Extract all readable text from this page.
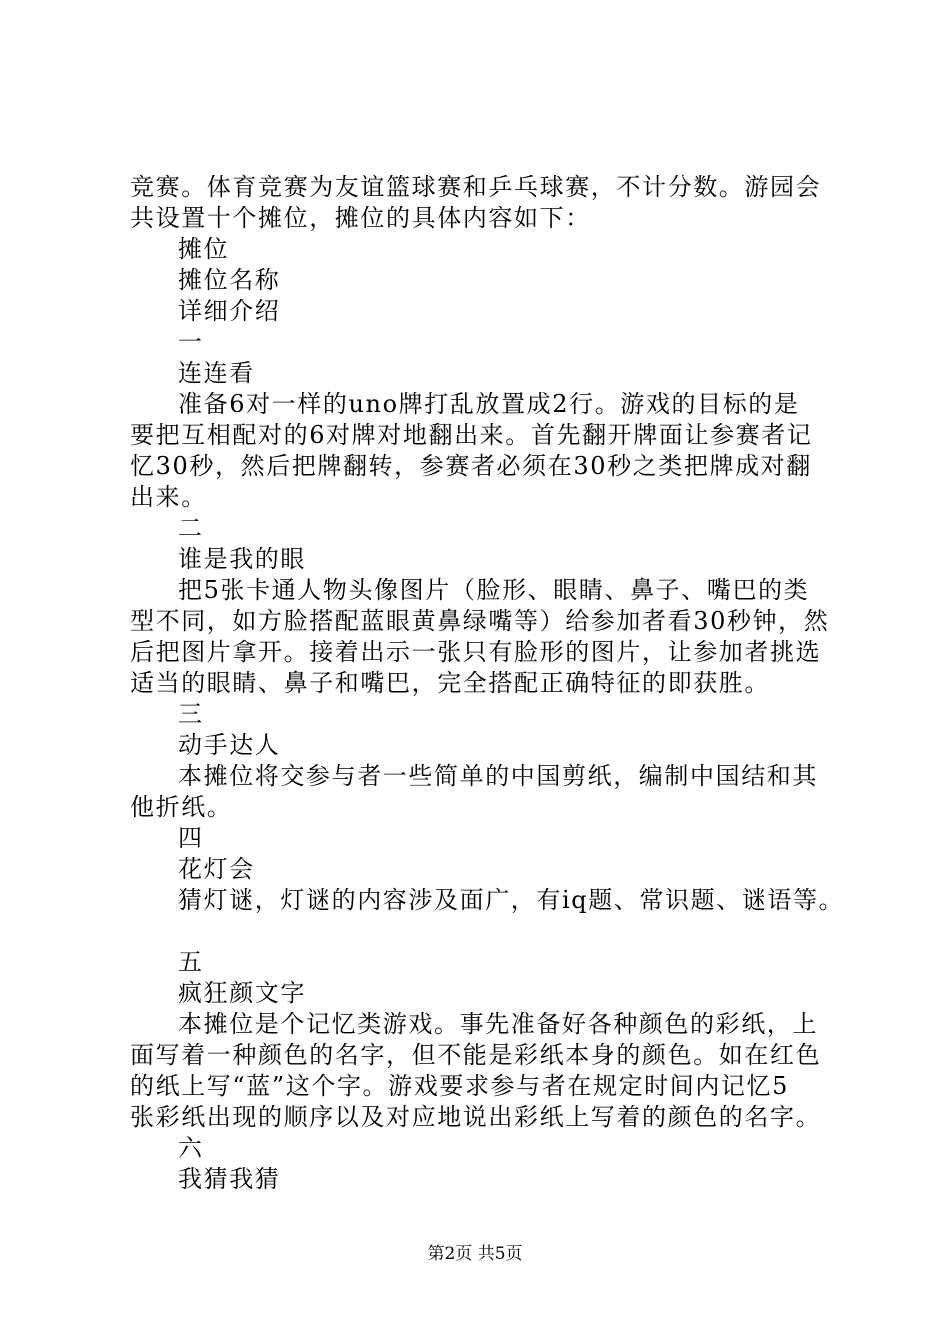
竞赛。体育竞赛为友谊篮球赛和乒乓球赛，不计分数。游园会
共设置十个摊位，摊位的具体内容如下：
摊位
摊位名称
详细介绍
一
连连看
准备6对一样的uno牌打乱放置成2行。游戏的目标的是
要把互相配对的6对牌对地翻出来。首先翻开牌面让参赛者记
忆30秒，然后把牌翻转，参赛者必须在30秒之类把牌成对翻
出来。
二
谁是我的眼
把5张卡通人物头像图片（脸形、眼睛、鼻子、嘴巴的类
型不同，如方脸搭配蓝眼黄鼻绿嘴等）给参加者看30秒钟，然
后把图片拿开。接着出示一张只有脸形的图片，让参加者挑选
适当的眼睛、鼻子和嘴巴，完全搭配正确特征的即获胜。
三
动手达人
本摊位将交参与者一些简单的中国剪纸，编制中国结和其
他折纸。
四
花灯会
猜灯谜，灯谜的内容涉及面广，有iq题、常识题、谜语等。
五
疯狂颜文字
本摊位是个记忆类游戏。事先准备好各种颜色的彩纸，上
面写着一种颜色的名字，但不能是彩纸本身的颜色。如在红色
的纸上写“蓝”这个字。游戏要求参与者在规定时间内记忆5
张彩纸出现的顺序以及对应地说出彩纸上写着的颜色的名字。
六
我猜我猜
第2页 共5页
